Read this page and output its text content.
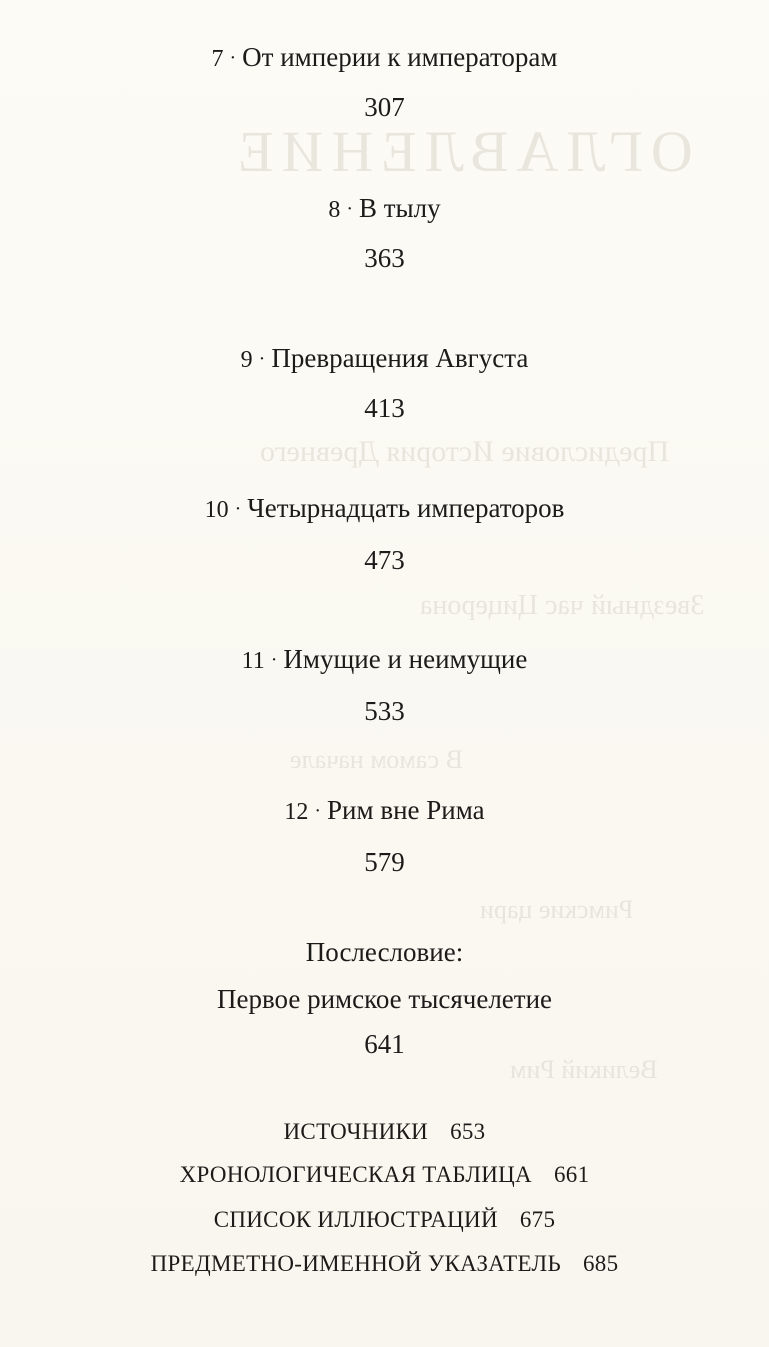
ОГЛАВЛЕНИЕ
Предисловие История Древнего
Звездный час Цицерона
В самом начале
Римские цари
Великий Рим
7 · От империи к императорам
307
8 · В тылу
363
9 · Превращения Августа
413
10 · Четырнадцать императоров
473
11 · Имущие и неимущие
533
12 · Рим вне Рима
579
Послесловие:
Первое римское тысячелетие
641
ИСТОЧНИКИ 653
ХРОНОЛОГИЧЕСКАЯ ТАБЛИЦА 661
СПИСОК ИЛЛЮСТРАЦИЙ 675
ПРЕДМЕТНО-ИМЕННОЙ УКАЗАТЕЛЬ 685
